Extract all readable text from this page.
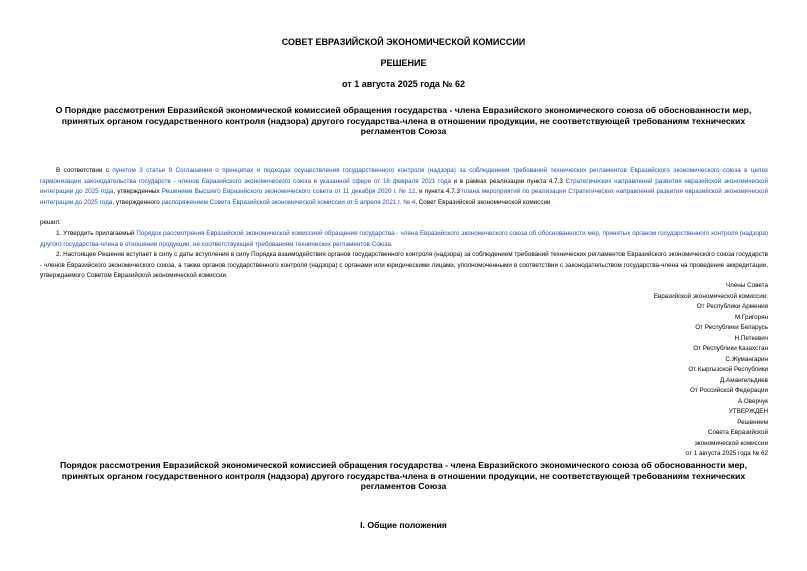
СОВЕТ ЕВРАЗИЙСКОЙ ЭКОНОМИЧЕСКОЙ КОМИССИИ
РЕШЕНИЕ
от 1 августа 2025 года № 62
О Порядке рассмотрения Евразийской экономической комиссией обращения государства - члена Евразийского экономического союза об обоснованности мер,
принятых органом государственного контроля (надзора) другого государства-члена в отношении продукции, не соответствующей требованиям технических
регламентов Союза
В соответствии с пунктом 3 статьи 9 Соглашения о принципах и подходах осуществления государственного контроля (надзора) за соблюдением требований технических регламентов Евразийского экономического союза в целях гармонизации законодательства государств - членов Евразийского экономического союза в указанной сфере от 16 февраля 2021 года и в рамках реализации пункта 4.7.3 Стратегических направлений развития евразийской экономической интеграции до 2025 года, утвержденных Решением Высшего Евразийского экономического совета от 11 декабря 2020 г. № 12, и пункта 4.7.3 плана мероприятий по реализации Стратегических направлений развития евразийской экономической интеграции до 2025 года, утвержденного распоряжением Совета Евразийской экономической комиссии от 5 апреля 2021 г. № 4, Совет Евразийской экономической комиссии
решил:
1. Утвердить прилагаемый Порядок рассмотрения Евразийской экономической комиссией обращения государства - члена Евразийского экономического союза об обоснованности мер, принятых органом государственного контроля (надзора) другого государства-члена в отношении продукции, не соответствующей требованиям технических регламентов Союза.
2. Настоящее Решение вступает в силу с даты вступления в силу Порядка взаимодействия органов государственного контроля (надзора) за соблюдением требований технических регламентов Евразийского экономического союза государств - членов Евразийского экономического союза, а также органов государственного контроля (надзора) с органами или юридическими лицами, уполномоченными в соответствии с законодательством государства-члена на проведение аккредитации, утверждаемого Советом Евразийской экономической комиссии.
Члены Совета
Евразийской экономической комиссии:
От Республики Армения
М.Григорян
От Республики Беларусь
Н.Петкевич
От Республики Казахстан
С.Жумангарин
От Кыргызской Республики
Д.Амангельдиев
От Российской Федерации
А.Оверчук
УТВЕРЖДЕН
Решением
Совета Евразийской
экономической комиссии
от 1 августа 2025 года № 62
Порядок рассмотрения Евразийской экономической комиссией обращения государства - члена Евразийского экономического союза об обоснованности мер,
принятых органом государственного контроля (надзора) другого государства-члена в отношении продукции, не соответствующей требованиям технических
регламентов Союза
I. Общие положения
